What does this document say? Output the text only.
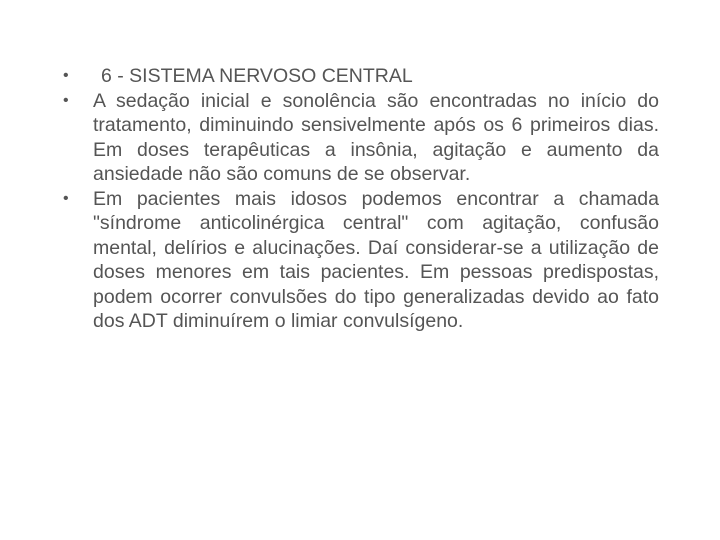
•	6 - SISTEMA NERVOSO CENTRAL
• A sedação inicial e sonolência são encontradas no início do tratamento, diminuindo sensivelmente após os 6 primeiros dias. Em doses terapêuticas a insônia, agitação e aumento da ansiedade não são comuns de se observar.
• Em pacientes mais idosos podemos encontrar a chamada "síndrome anticolinérgica central" com agitação, confusão mental, delírios e alucinações. Daí considerar-se a utilização de doses menores em tais pacientes. Em pessoas predispostas, podem ocorrer convulsões do tipo generalizadas devido ao fato dos ADT diminuírem o limiar convulsígeno.
